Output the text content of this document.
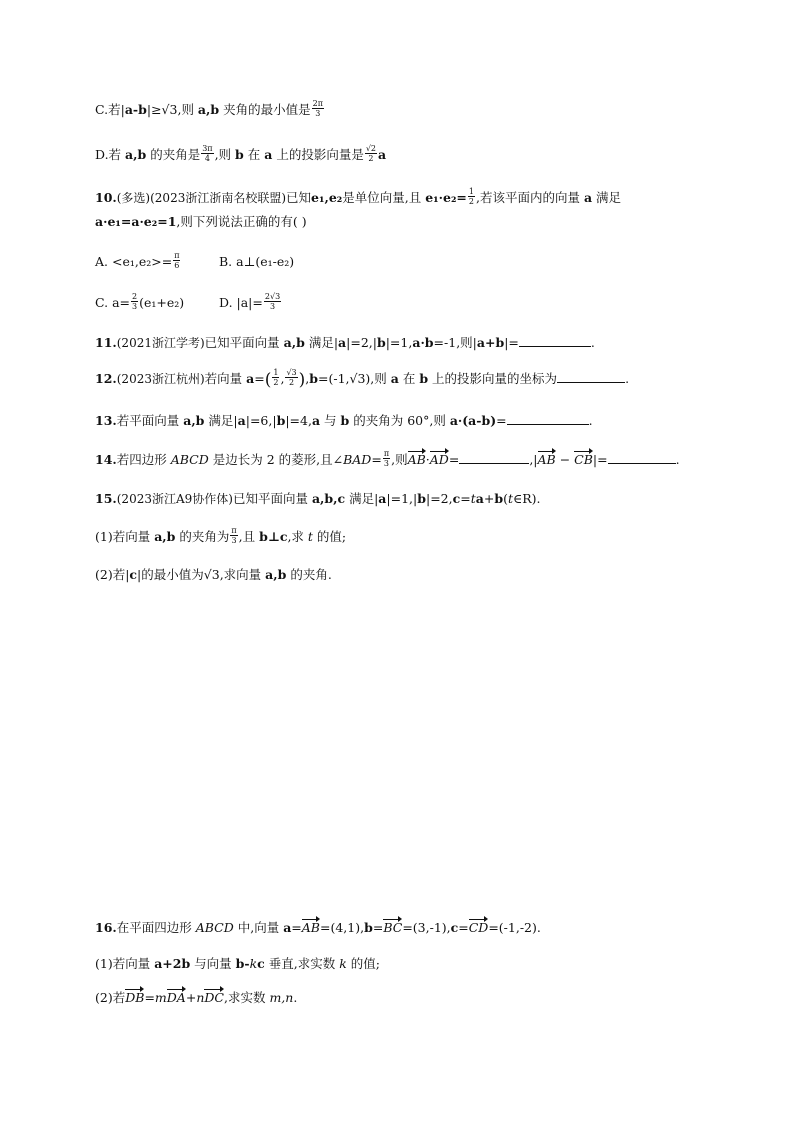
C.若|a-b|≥√3,则 a,b 夹角的最小值是 $\frac{2\pi}{3}$
D.若 a,b 的夹角是 $\frac{3\pi}{4}$ ,则 b 在 a 上的投影向量是 $\frac{√2}{2}$ a
10.(多选)(2023浙江浙南名校联盟)已知e₁,e₂是单位向量,且 $e_1\cdot e_2= \frac{1}{2}$ ,若该平面内的向量 a 满足
a·e₁=a·e₂=1,则下列说法正确的有( )
A. $<e_1,e_2>= \frac{\pi}{6}$	B. a⊥(e₁-e₂)
C. $a= \frac{2}{3} (e_1+e_2)$	D. $|a|= \frac{2√3}{3}$
11.(2021浙江学考)已知平面向量 a,b 满足|a|=2,|b|=1,a·b=-1,则|a+b|=	.
12.(2023浙江杭州)若向量 $a=( \frac{1}{2}$ , $\frac{√3}{2} ),b=(-1,√3)$,则 a 在 b 上的投影向量的坐标为	.
13.若平面向量 a,b 满足|a|=6,|b|=4,a 与 b 的夹角为 60°,则 a·(a-b)=	.
14.若四边形 ABCD 是边长为 2 的菱形,且∠BAD= $\frac{\pi}{3}$ ,则AB·AD=	,|AB − CB|=	.
15.(2023浙江A9协作体)已知平面向量 a,b,c 满足|a|=1,|b|=2,c=ta+b(t∈R).
(1)若向量 a,b 的夹角为 $\frac{\pi}{3}$ ,且 b⊥c,求 t 的值;
(2)若|c|的最小值为√3,求向量 a,b 的夹角.
16.在平面四边形 ABCD 中,向量 a=AB=(4,1),b=BC=(3,-1),c=CD=(-1,-2).
(1)若向量 a+2b 与向量 b-kc 垂直,求实数 k 的值;
(2)若DB=mDA+nDC,求实数 m,n.
